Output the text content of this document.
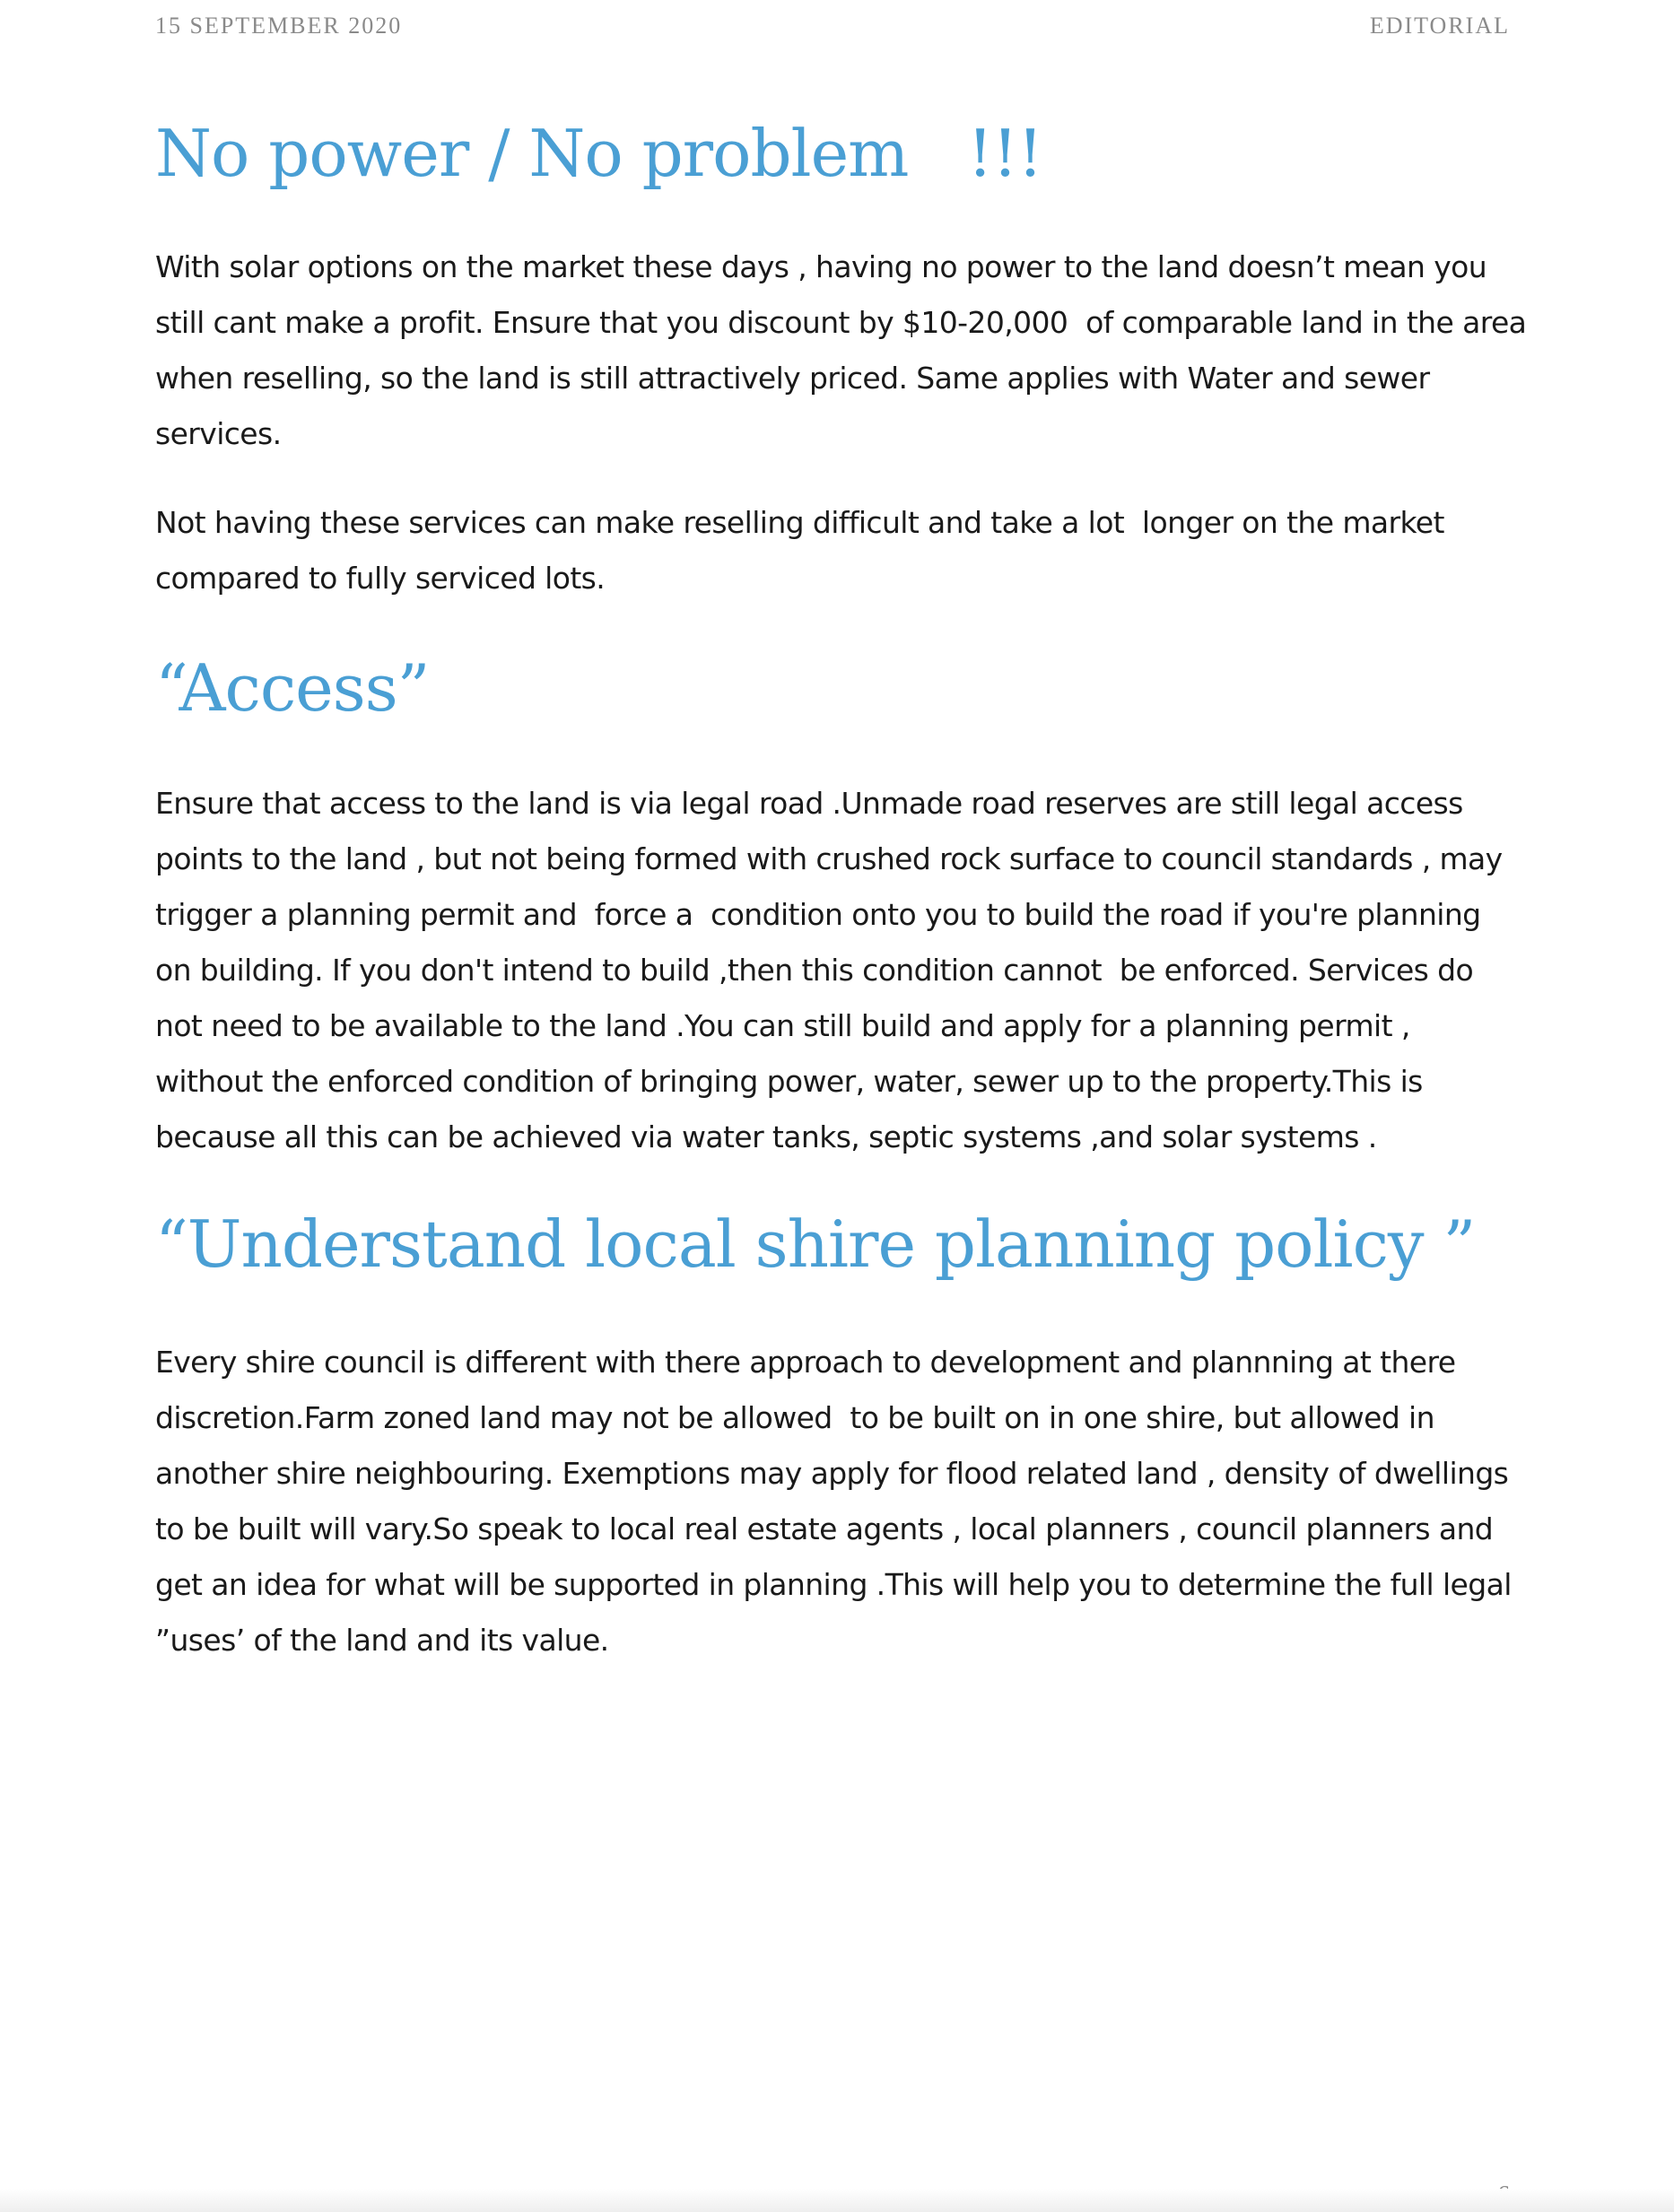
15 SEPTEMBER 2020	EDITORIAL
No power / No problem   !!!

With solar options on the market these days , having no power to the land doesn’t mean you
still cant make a profit. Ensure that you discount by $10-20,000  of comparable land in the area
when reselling, so the land is still attractively priced. Same applies with Water and sewer
services.

Not having these services can make reselling difficult and take a lot  longer on the market
compared to fully serviced lots.

“Access”

Ensure that access to the land is via legal road .Unmade road reserves are still legal access
points to the land , but not being formed with crushed rock surface to council standards , may
trigger a planning permit and  force a  condition onto you to build the road if you're planning
on building. If you don't intend to build ,then this condition cannot  be enforced. Services do
not need to be available to the land .You can still build and apply for a planning permit ,
without the enforced condition of bringing power, water, sewer up to the property.This is
because all this can be achieved via water tanks, septic systems ,and solar systems .

“Understand local shire planning policy ”

Every shire council is different with there approach to development and plannning at there
discretion.Farm zoned land may not be allowed  to be built on in one shire, but allowed in
another shire neighbouring. Exemptions may apply for flood related land , density of dwellings
to be built will vary.So speak to local real estate agents , local planners , council planners and
get an idea for what will be supported in planning .This will help you to determine the full legal
”uses’ of the land and its value.
